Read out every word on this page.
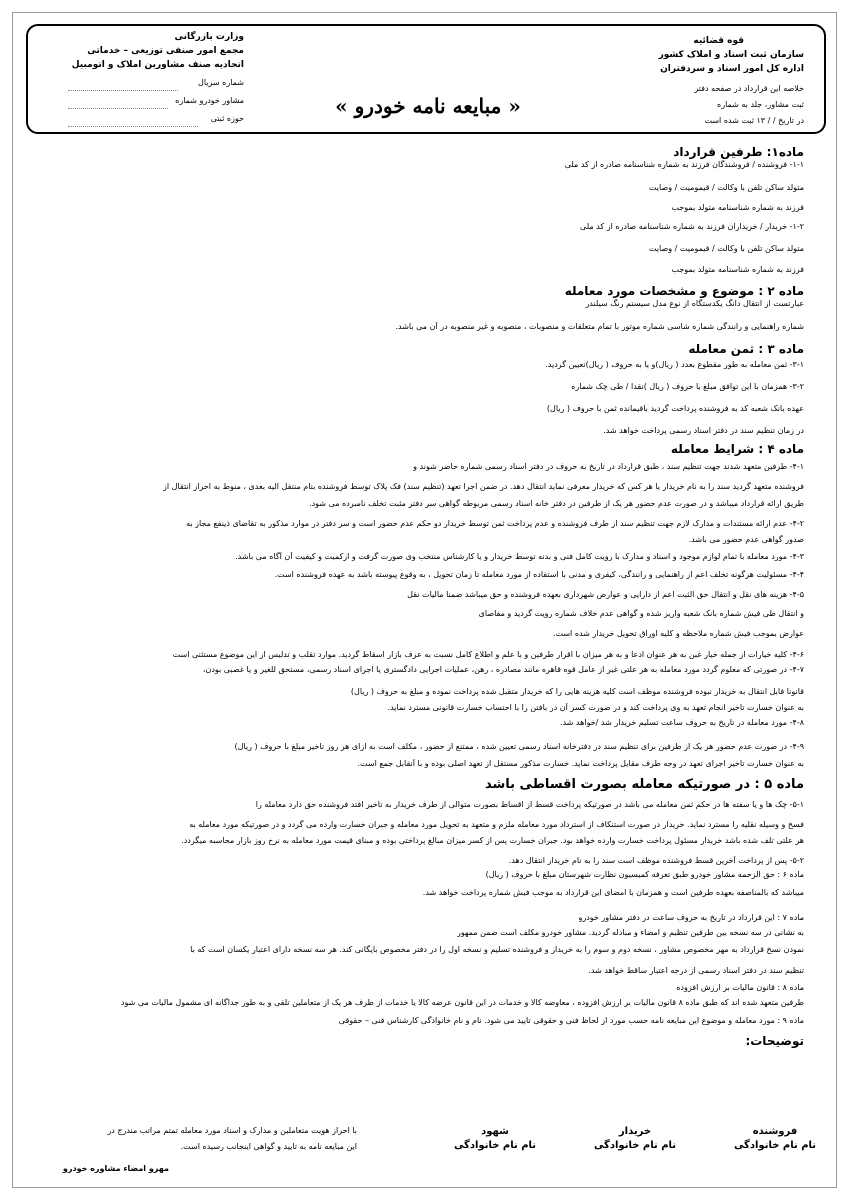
قوه قضائیه
سازمان ثبت اسناد و املاک کشور
اداره کل امور اسناد و سردفتران
خلاصه این قرارداد در صفحه دفتر
ثبت مشاور، جلد به شماره
در تاریخ / / ۱۳ ثبت شده است
« مبایعه نامه خودرو »
وزارت بازرگانی
مجمع امور صنفی توزیعی – خدماتی
اتحادیه صنف مشاورین املاک و اتومبیل
شماره سریال
مشاور خودرو شماره
حوزه ثبتی
ماده۱: طرفین قرارداد
۱-۱- فروشنده / فروشندگان فرزند به شماره شناسنامه صادره از کد ملی
متولد ساکن تلفن با وکالت / قیمومیت / وصایت
فرزند به شماره شناسنامه متولد بموجب
۱-۲- خریدار / خریداران فرزند به شماره شناسنامه صادره از کد ملی
متولد ساکن تلفن با وکالت / قیمومیت / وصایت
فرزند به شماره شناسنامه متولد بموجب
ماده ۲ : موضوع و مشخصات مورد معامله
عبارتست از انتقال دانگ یکدستگاه از نوع مدل سیستم رنگ سیلندر
شماره راهنمایی و رانندگی شماره شاسی شماره موتور با تمام متعلقات و منصوبات ، منصوبه و غیر منصوبه در آن می باشد.
ماده ۳ : ثمن معامله
۳-۱- ثمن معامله به طور مقطوع بعدد ( ریال)و یا به حروف ( ریال)تعیین گردید.
۳-۲- همزمان با این توافق مبلغ یا حروف ( ریال )نقدا / طی چک شماره
عهده بانک شعبه کد به فروشنده پرداخت گردید باقیمانده ثمن با حروف ( ریال)
در زمان تنظیم سند در دفتر اسناد رسمی پرداخت خواهد شد.
ماده ۴ : شرایط معامله
۴-۱- طرفین متعهد شدند جهت تنظیم سند ، طبق قرارداد در تاریخ به حروف در دفتر اسناد رسمی شماره حاضر شوند و
فروشنده متعهد گردید سند را به نام خریدار یا هر کس که خریدار معرفی نماید انتقال دهد. در ضمن اجرا تعهد (تنظیم سند) فک پلاک توسط فروشنده بنام منتقل الیه بعدی ، منوط به احراز انتقال از
طریق ارائه قرارداد میباشد و در صورت عدم حضور هر یک از طرفین در دفتر خانه اسناد رسمی مربوطه گواهی سر دفتر مثبت تخلف نامبرده می شود.
۴-۲- عدم ارائه مستندات و مدارک لازم جهت تنظیم سند از طرف فروشنده و عدم پرداخت ثمن توسط خریدار دو حکم عدم حضور است و سر دفتر در موارد مذکور به تقاضای ذینفع مجاز به
صدور گواهی عدم حضور می باشد.
۴-۳- مورد معامله با تمام لوازم موجود و اسناد و مدارک با رویت کامل فنی و بدنه توسط خریدار و یا کارشناس منتخب وی صورت گرفت و ازکمیت و کیفیت آن آگاه می باشد.
۴-۴- مسئولیت هرگونه تخلف اعم از راهنمایی و رانندگی، کیفری و مدنی با استفاده از مورد معامله تا زمان تحویل ، به وقوع پیوسته باشد به عهده فروشنده است.
۴-۵- هزینه های نقل و انتقال حق الثبت اعم از دارایی و عوارض شهرداری بعهده فروشنده و حق میباشد ضمنا مالیات نقل
و انتقال طی فیش شماره بانک شعبه واریز شده و گواهی عدم خلاف شماره رویت گردید و مفاصای
عوارض بموجب فیش شماره ملاحظه و کلیه اوراق تحویل خریدار شده است.
۴-۶- کلیه خیارات از جمله خیار غبن به هر عنوان ادعا و به هر میزان با اقرار طرفین و با علم و اطلاع کامل نسبت به عرف بازار اسقاط گردید. موارد تقلب و تدلیس از این موضوع مستثنی است
۴-۷- در صورتی که معلوم گردد مورد معامله به هر علتی غیر از عامل قوه قاهره مانند مصادره ، رهن، عملیات اجرایی دادگستری یا اجرای اسناد رسمی، مستحق للغیر و یا غصبی بودن،
قانونا قابل انتقال به خریدار نبوده فروشنده موظف است کلیه هزینه هایی را که خریدار متقبل شده پرداخت نموده و مبلغ به حروف ( ریال)
به عنوان خسارت تاخیر انجام تعهد به وی پرداخت کند و در صورت کسر آن در بافتن را با احتساب خسارت قانونی مسترد نماید.
۴-۸- مورد معامله در تاریخ به حروف ساعت تسلیم خریدار شد /خواهد شد.
۴-۹- در صورت عدم حضور هر یک از طرفین برای تنظیم سند در دفترخانه اسناد رسمی تعیین شده ، ممتنع از حضور ، مکلف است به ازای هر روز تاخیر مبلغ با حروف ( ریال)
به عنوان خسارت تاخیر اجرای تعهد در وجه طرف مقابل پرداخت نماید. خسارت مذکور مستقل از تعهد اصلی بوده و با آنقابل جمع است.
ماده ۵ : در صورتیکه معامله بصورت اقساطی باشد
۵-۱- چک ها و یا سفته ها در حکم ثمن معامله می باشد در صورتیکه پرداخت قسط از اقساط بصورت متوالی از طرف خریدار به تاخیر افتد فروشنده حق دارد معامله را
فسخ و وسیله نقلیه را مسترد نماید. خریدار در صورت استنکاف از استرداد مورد معامله ملزم و متعهد به تحویل مورد معامله و جبران خسارت وارده می گردد و در صورتیکه مورد معامله به
هر علتی تلف شده باشد خریدار مسئول پرداخت خسارت وارده خواهد بود. جبران خسارت پس از کسر میزان مبالغ پرداختی بوده و مبنای قیمت مورد معامله به نرخ روز بازار محاسبه میگردد.
۵-۲- پس از پرداخت آخرین قسط فروشنده موظف است سند را به نام خریدار انتقال دهد.
ماده ۶ : حق الزحمه مشاور خودرو طبق تعرفه کمیسیون نظارت شهرستان مبلغ با حروف ( ریال)
میباشد که بالمناصفه بعهده طرفین است و همزمان با امضای این قرارداد به موجب فیش شماره پرداخت خواهد شد.
ماده ۷ : این قرارداد در تاریخ به حروف ساعت در دفتر مشاور خودرو
به نشانی در سه نسخه بین طرفین تنظیم و امضاء و مبادله گردید. مشاور خودرو مکلف است ضمن ممهور
نمودن نسخ قرارداد به مهر مخصوص مشاور ، نسخه دوم و سوم را به خریدار و فروشنده تسلیم و نسخه اول را در دفتر مخصوص بایگانی کند. هر سه نسخه دارای اعتبار یکسان است که با
تنظیم سند در دفتر اسناد رسمی از درجه اعتبار ساقط خواهد شد.
ماده ۸ : قانون مالیات بر ارزش افزوده
طرفین متعهد شده اند که طبق ماده ۸ قانون مالیات بر ارزش افزوده ، معاوضه کالا و خدمات در این قانون عرضه کالا یا خدمات از طرف هر یک از متعاملین تلقی و به طور جداگانه ای مشمول مالیات می شود
ماده ۹ : مورد معامله و موضوع این مبایعه نامه حسب مورد از لحاظ فنی و حقوقی تایید می شود. نام و نام خانوادگی کارشناس فنی – حقوقی
توضیحات:
فروشنده
نام نام خانوادگی
خریدار
نام نام خانوادگی
شهود
نام نام خانوادگی
با احراز هویت متعاملین و مدارک و اسناد مورد معامله تمتم مراتب مندرج در
این مبایعه نامه به تایید و گواهی اینجانب رسیده است.
مهرو امضاء مشاوره خودرو
